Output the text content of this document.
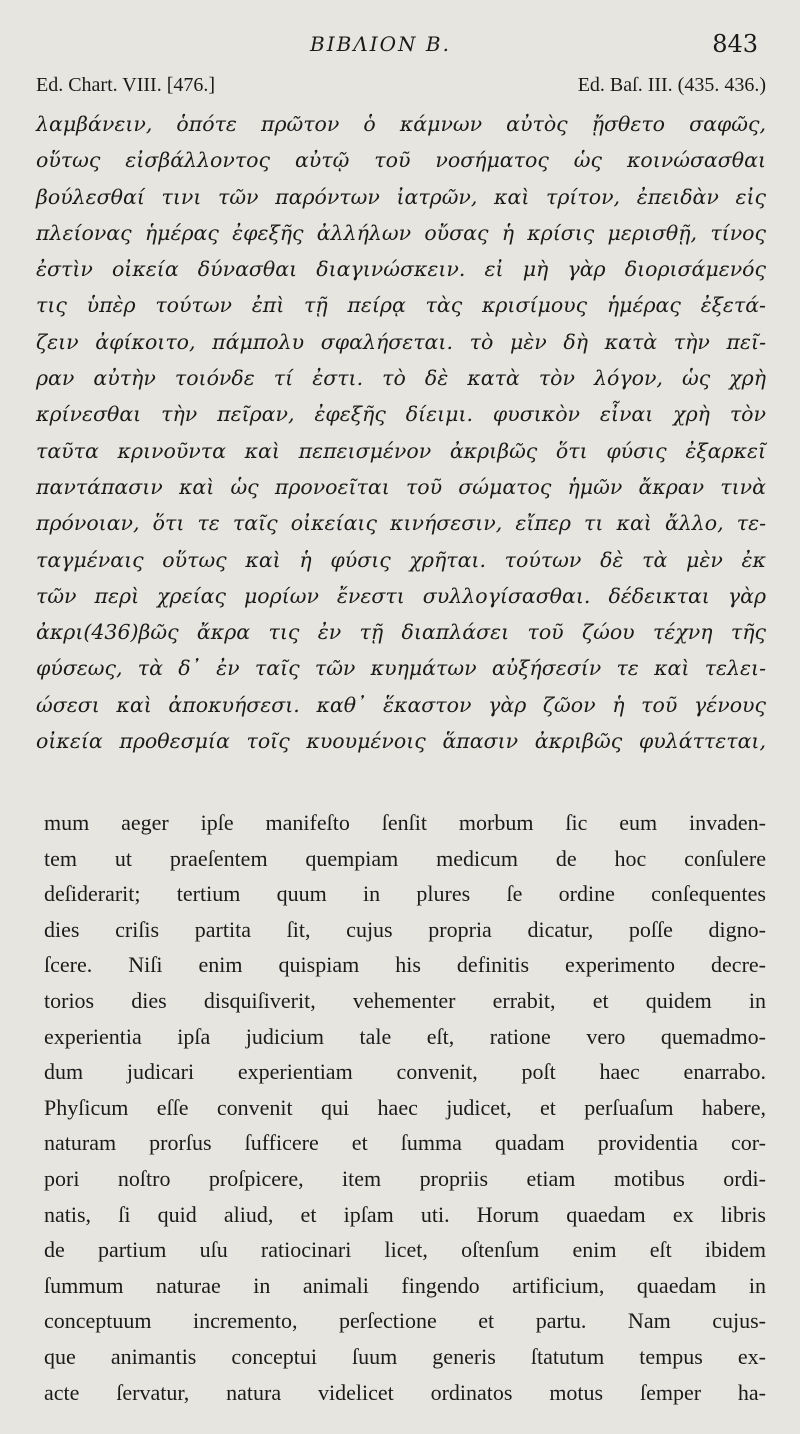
BIBΛΙΟΝ Β.	843
Ed. Chart. VIII. [476.]	Ed. Baſ. III. (435. 436.)
λαμβάνειν, ὁπότε πρῶτον ὁ κάμνων αὐτὸς ᾔσθετο σαφῶς,
οὕτως εἰσβάλλοντος αὐτῷ τοῦ νοσήματος ὡς κοινώσασθαι
βούλεσθαί τινι τῶν παρόντων ἰατρῶν, καὶ τρίτον, ἐπειδὰν εἰς
πλείονας ἡμέρας ἐφεξῆς ἀλλήλων οὔσας ἡ κρίσις μερισθῇ, τίνος
ἐστὶν οἰκεία δύνασθαι διαγινώσκειν. εἰ μὴ γὰρ διορισάμενός
τις ὑπὲρ τούτων ἐπὶ τῇ πείρᾳ τὰς κρισίμους ἡμέρας ἐξετά-
ζειν ἀφίκοιτο, πάμπολυ σφαλήσεται. τὸ μὲν δὴ κατὰ τὴν πεῖ-
ραν αὐτὴν τοιόνδε τί ἐστι. τὸ δὲ κατὰ τὸν λόγον, ὡς χρὴ
κρίνεσθαι τὴν πεῖραν, ἐφεξῆς δίειμι. φυσικὸν εἶναι χρὴ τὸν
ταῦτα κρινοῦντα καὶ πεπεισμένον ἀκριβῶς ὅτι φύσις ἐξαρκεῖ
παντάπασιν καὶ ὡς προνοεῖται τοῦ σώματος ἡμῶν ἄκραν τινὰ
πρόνοιαν, ὅτι τε ταῖς οἰκείαις κινήσεσιν, εἴπερ τι καὶ ἄλλο, τε-
ταγμέναις οὕτως καὶ ἡ φύσις χρῆται. τούτων δὲ τὰ μὲν ἐκ
τῶν περὶ χρείας μορίων ἔνεστι συλλογίσασθαι. δέδεικται γὰρ
ἀκρι(436)βῶς ἄκρα τις ἐν τῇ διαπλάσει τοῦ ζώου τέχνη τῆς
φύσεως, τὰ δ᾽ ἐν ταῖς τῶν κυημάτων αὐξήσεσίν τε καὶ τελει-
ώσεσι καὶ ἀποκυήσεσι. καθ᾽ ἕκαστον γὰρ ζῶον ἡ τοῦ γένους
οἰκεία προθεσμία τοῖς κυουμένοις ἅπασιν ἀκριβῶς φυλάττεται,
mum aeger ipſe manifeſto ſenſit morbum ſic eum invaden-
tem ut praeſentem quempiam medicum de hoc conſulere
deſiderarit; tertium quum in plures ſe ordine conſequentes
dies criſis partita ſit, cujus propria dicatur, poſſe digno-
ſcere. Niſi enim quispiam his definitis experimento decre-
torios dies disquiſiverit, vehementer errabit, et quidem in
experientia ipſa judicium tale eſt, ratione vero quemadmo-
dum judicari experientiam convenit, poſt haec enarrabo.
Phyſicum eſſe convenit qui haec judicet, et perſuaſum habere,
naturam prorſus ſufficere et ſumma quadam providentia cor-
pori noſtro proſpicere, item propriis etiam motibus ordi-
natis, ſi quid aliud, et ipſam uti. Horum quaedam ex libris
de partium uſu ratiocinari licet, oſtenſum enim eſt ibidem
ſummum naturae in animali fingendo artificium, quaedam in
conceptuum incremento, perſectione et partu. Nam cujus-
que animantis conceptui ſuum generis ſtatutum tempus ex-
acte ſervatur, natura videlicet ordinatos motus ſemper ha-
